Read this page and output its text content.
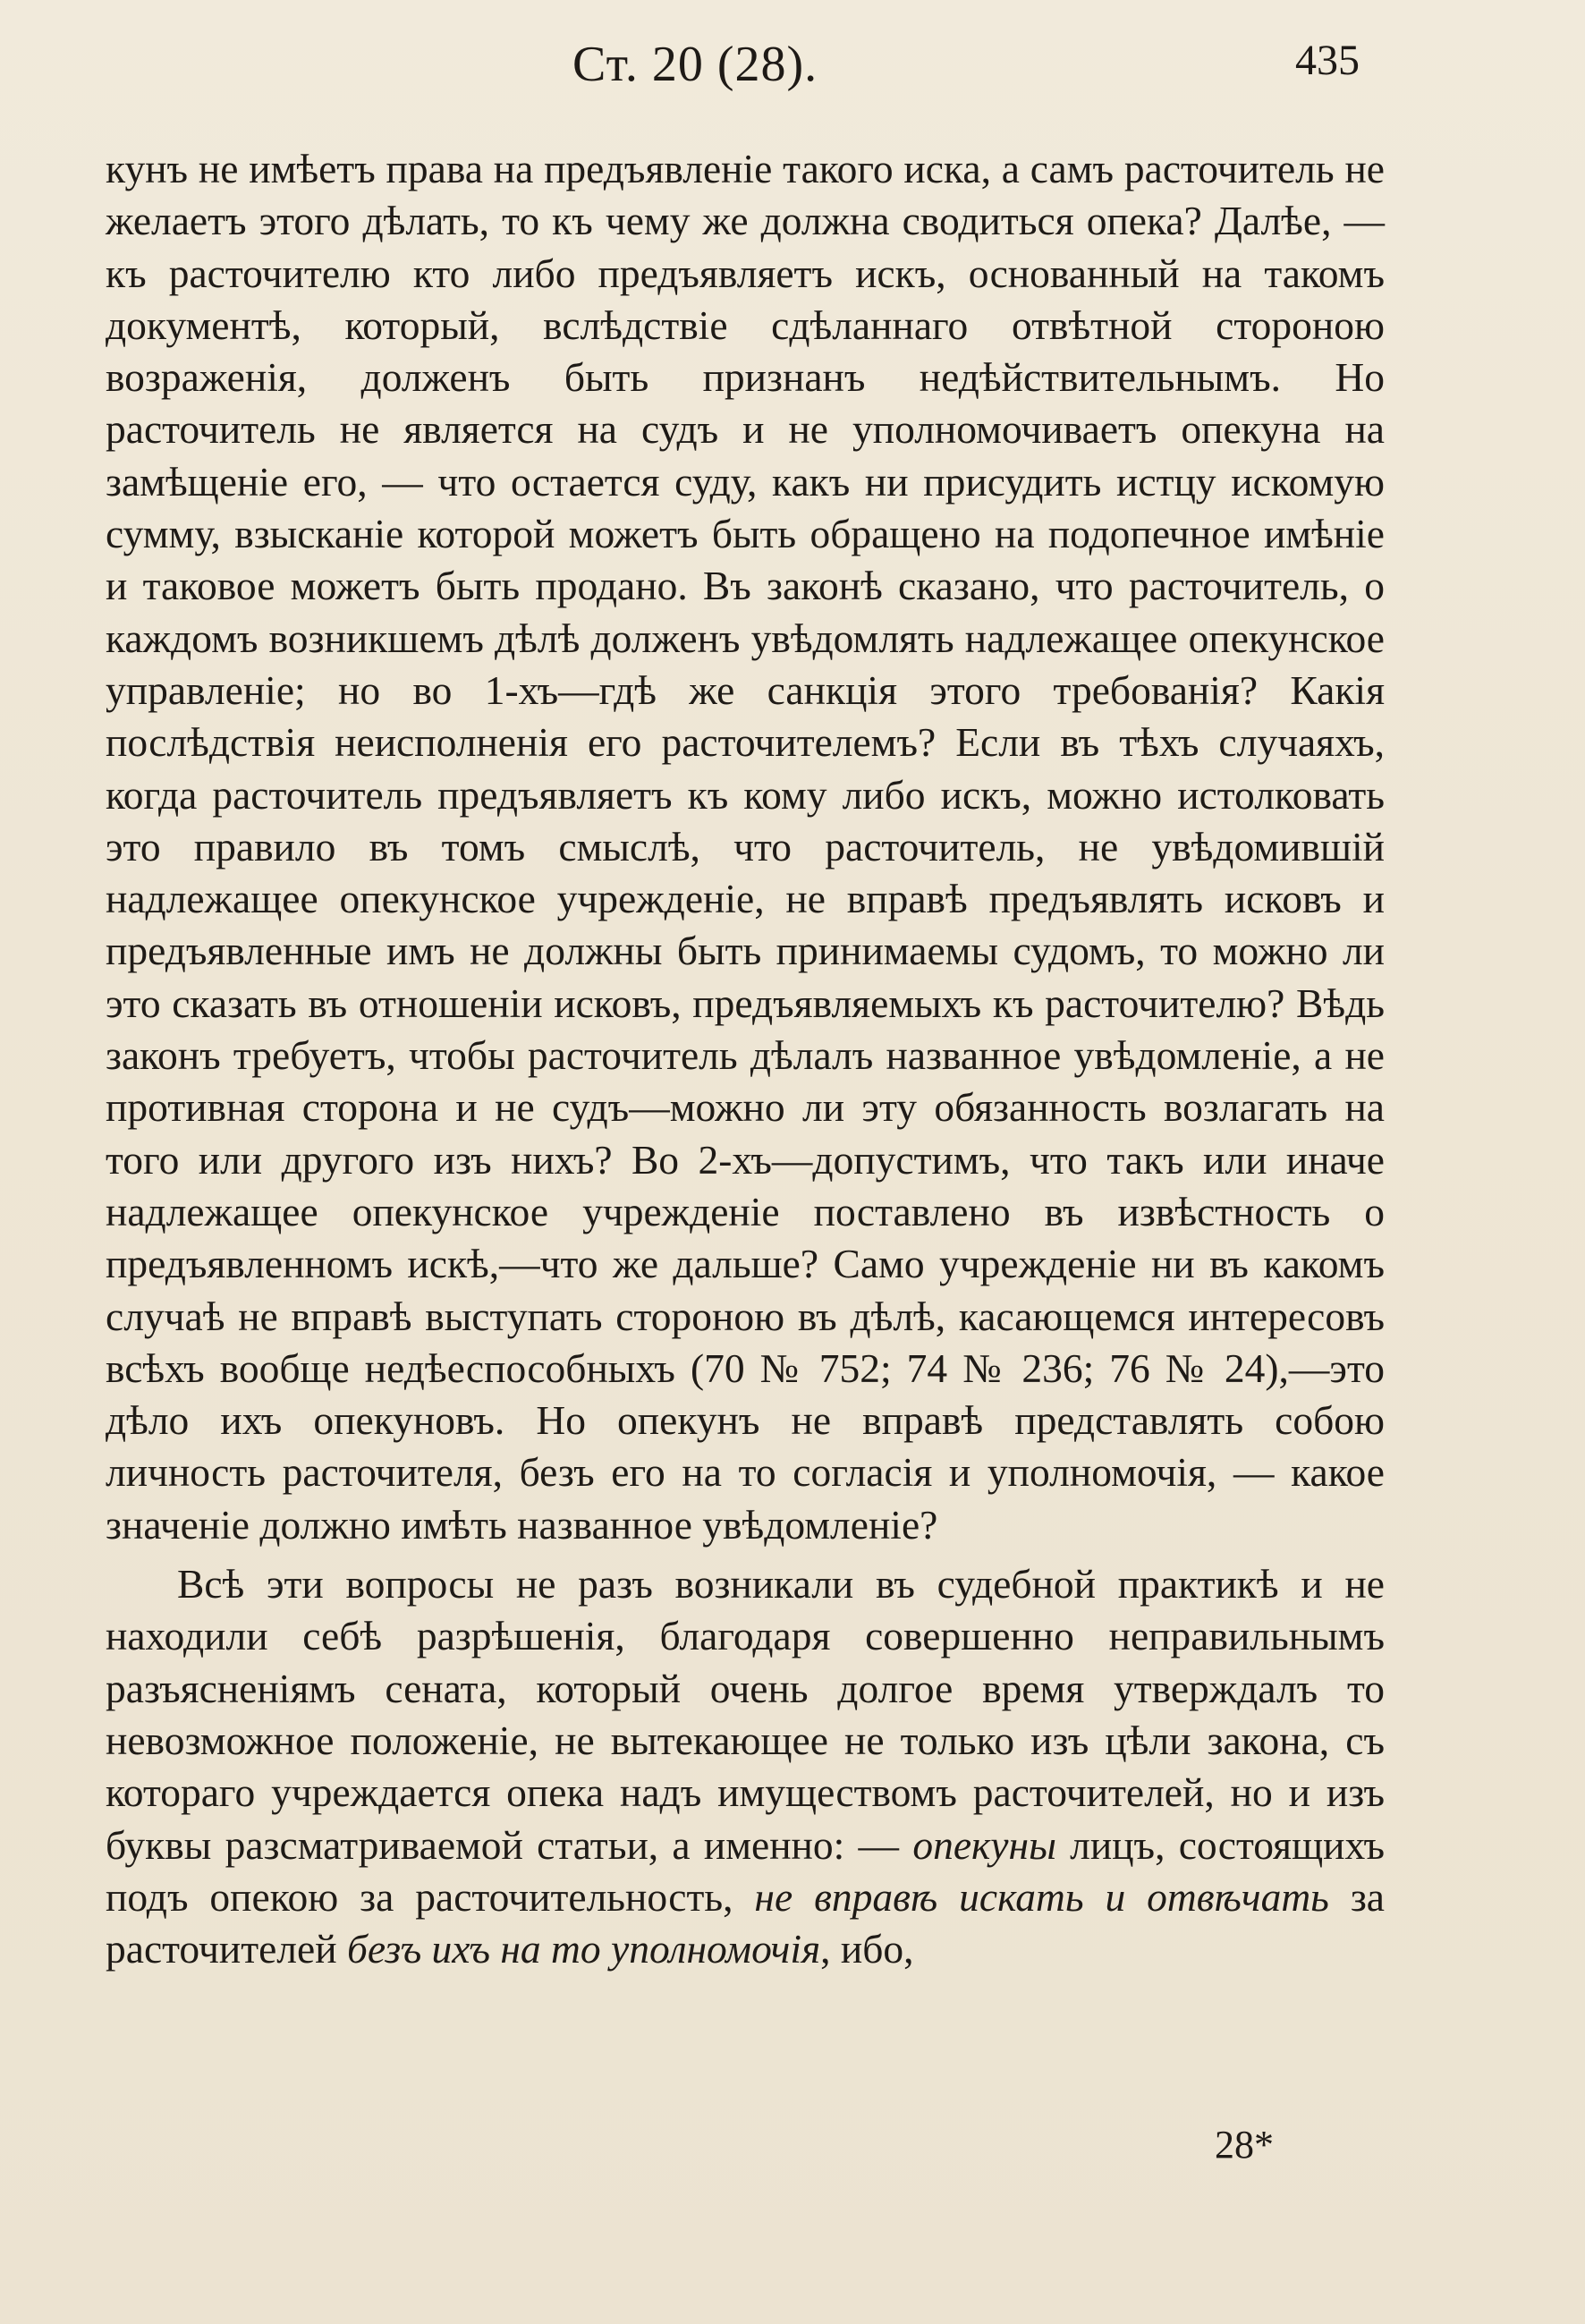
Ст. 20 (28).	435

кунъ не имѣетъ права на предъявленіе такого иска, а самъ расточитель не желаетъ этого дѣлать, то къ чему же должна сводиться опека? Далѣе, — къ расточителю кто либо предъявляетъ искъ, основанный на такомъ документѣ, который, вслѣдствіе сдѣланнаго отвѣтной стороною возраженія, долженъ быть признанъ недѣйствительнымъ. Но расточитель не является на судъ и не уполномочиваетъ опекуна на замѣщеніе его, — что остается суду, какъ ни присудить истцу искомую сумму, взысканіе которой можетъ быть обращено на подопечное имѣніе и таковое можетъ быть продано. Въ законѣ сказано, что расточитель, о каждомъ возникшемъ дѣлѣ долженъ увѣдомлять надлежащее опекунское управленіе; но во 1-хъ—гдѣ же санкція этого требованія? Какія послѣдствія неисполненія его расточителемъ? Если въ тѣхъ случаяхъ, когда расточитель предъявляетъ къ кому либо искъ, можно истолковать это правило въ томъ смыслѣ, что расточитель, не увѣдомившій надлежащее опекунское учрежденіе, не вправѣ предъявлять исковъ и предъявленные имъ не должны быть принимаемы судомъ, то можно ли это сказать въ отношеніи исковъ, предъявляемыхъ къ расточителю? Вѣдь законъ требуетъ, чтобы расточитель дѣлалъ названное увѣдомленіе, а не противная сторона и не судъ—можно ли эту обязанность возлагать на того или другого изъ нихъ? Во 2-хъ—допустимъ, что такъ или иначе надлежащее опекунское учрежденіе поставлено въ извѣстность о предъявленномъ искѣ,—что же дальше? Само учрежденіе ни въ какомъ случаѣ не вправѣ выступать стороною въ дѣлѣ, касающемся интересовъ всѣхъ вообще недѣеспособныхъ (70 № 752; 74 № 236; 76 № 24),—это дѣло ихъ опекуновъ. Но опекунъ не вправѣ представлять собою личность расточителя, безъ его на то согласія и уполномочія, — какое значеніе должно имѣть названное увѣдомленіе?

Всѣ эти вопросы не разъ возникали въ судебной практикѣ и не находили себѣ разрѣшенія, благодаря совершенно неправильнымъ разъясненіямъ сената, который очень долгое время утверждалъ то невозможное положеніе, не вытекающее не только изъ цѣли закона, съ котораго учреждается опека надъ имуществомъ расточителей, но и изъ буквы разсматриваемой статьи, а именно: — опекуны лицъ, состоящихъ подъ опекою за расточительность, не вправѣ искать и отвѣчать за расточителей безъ ихъ на то уполномочія, ибо,

28*
